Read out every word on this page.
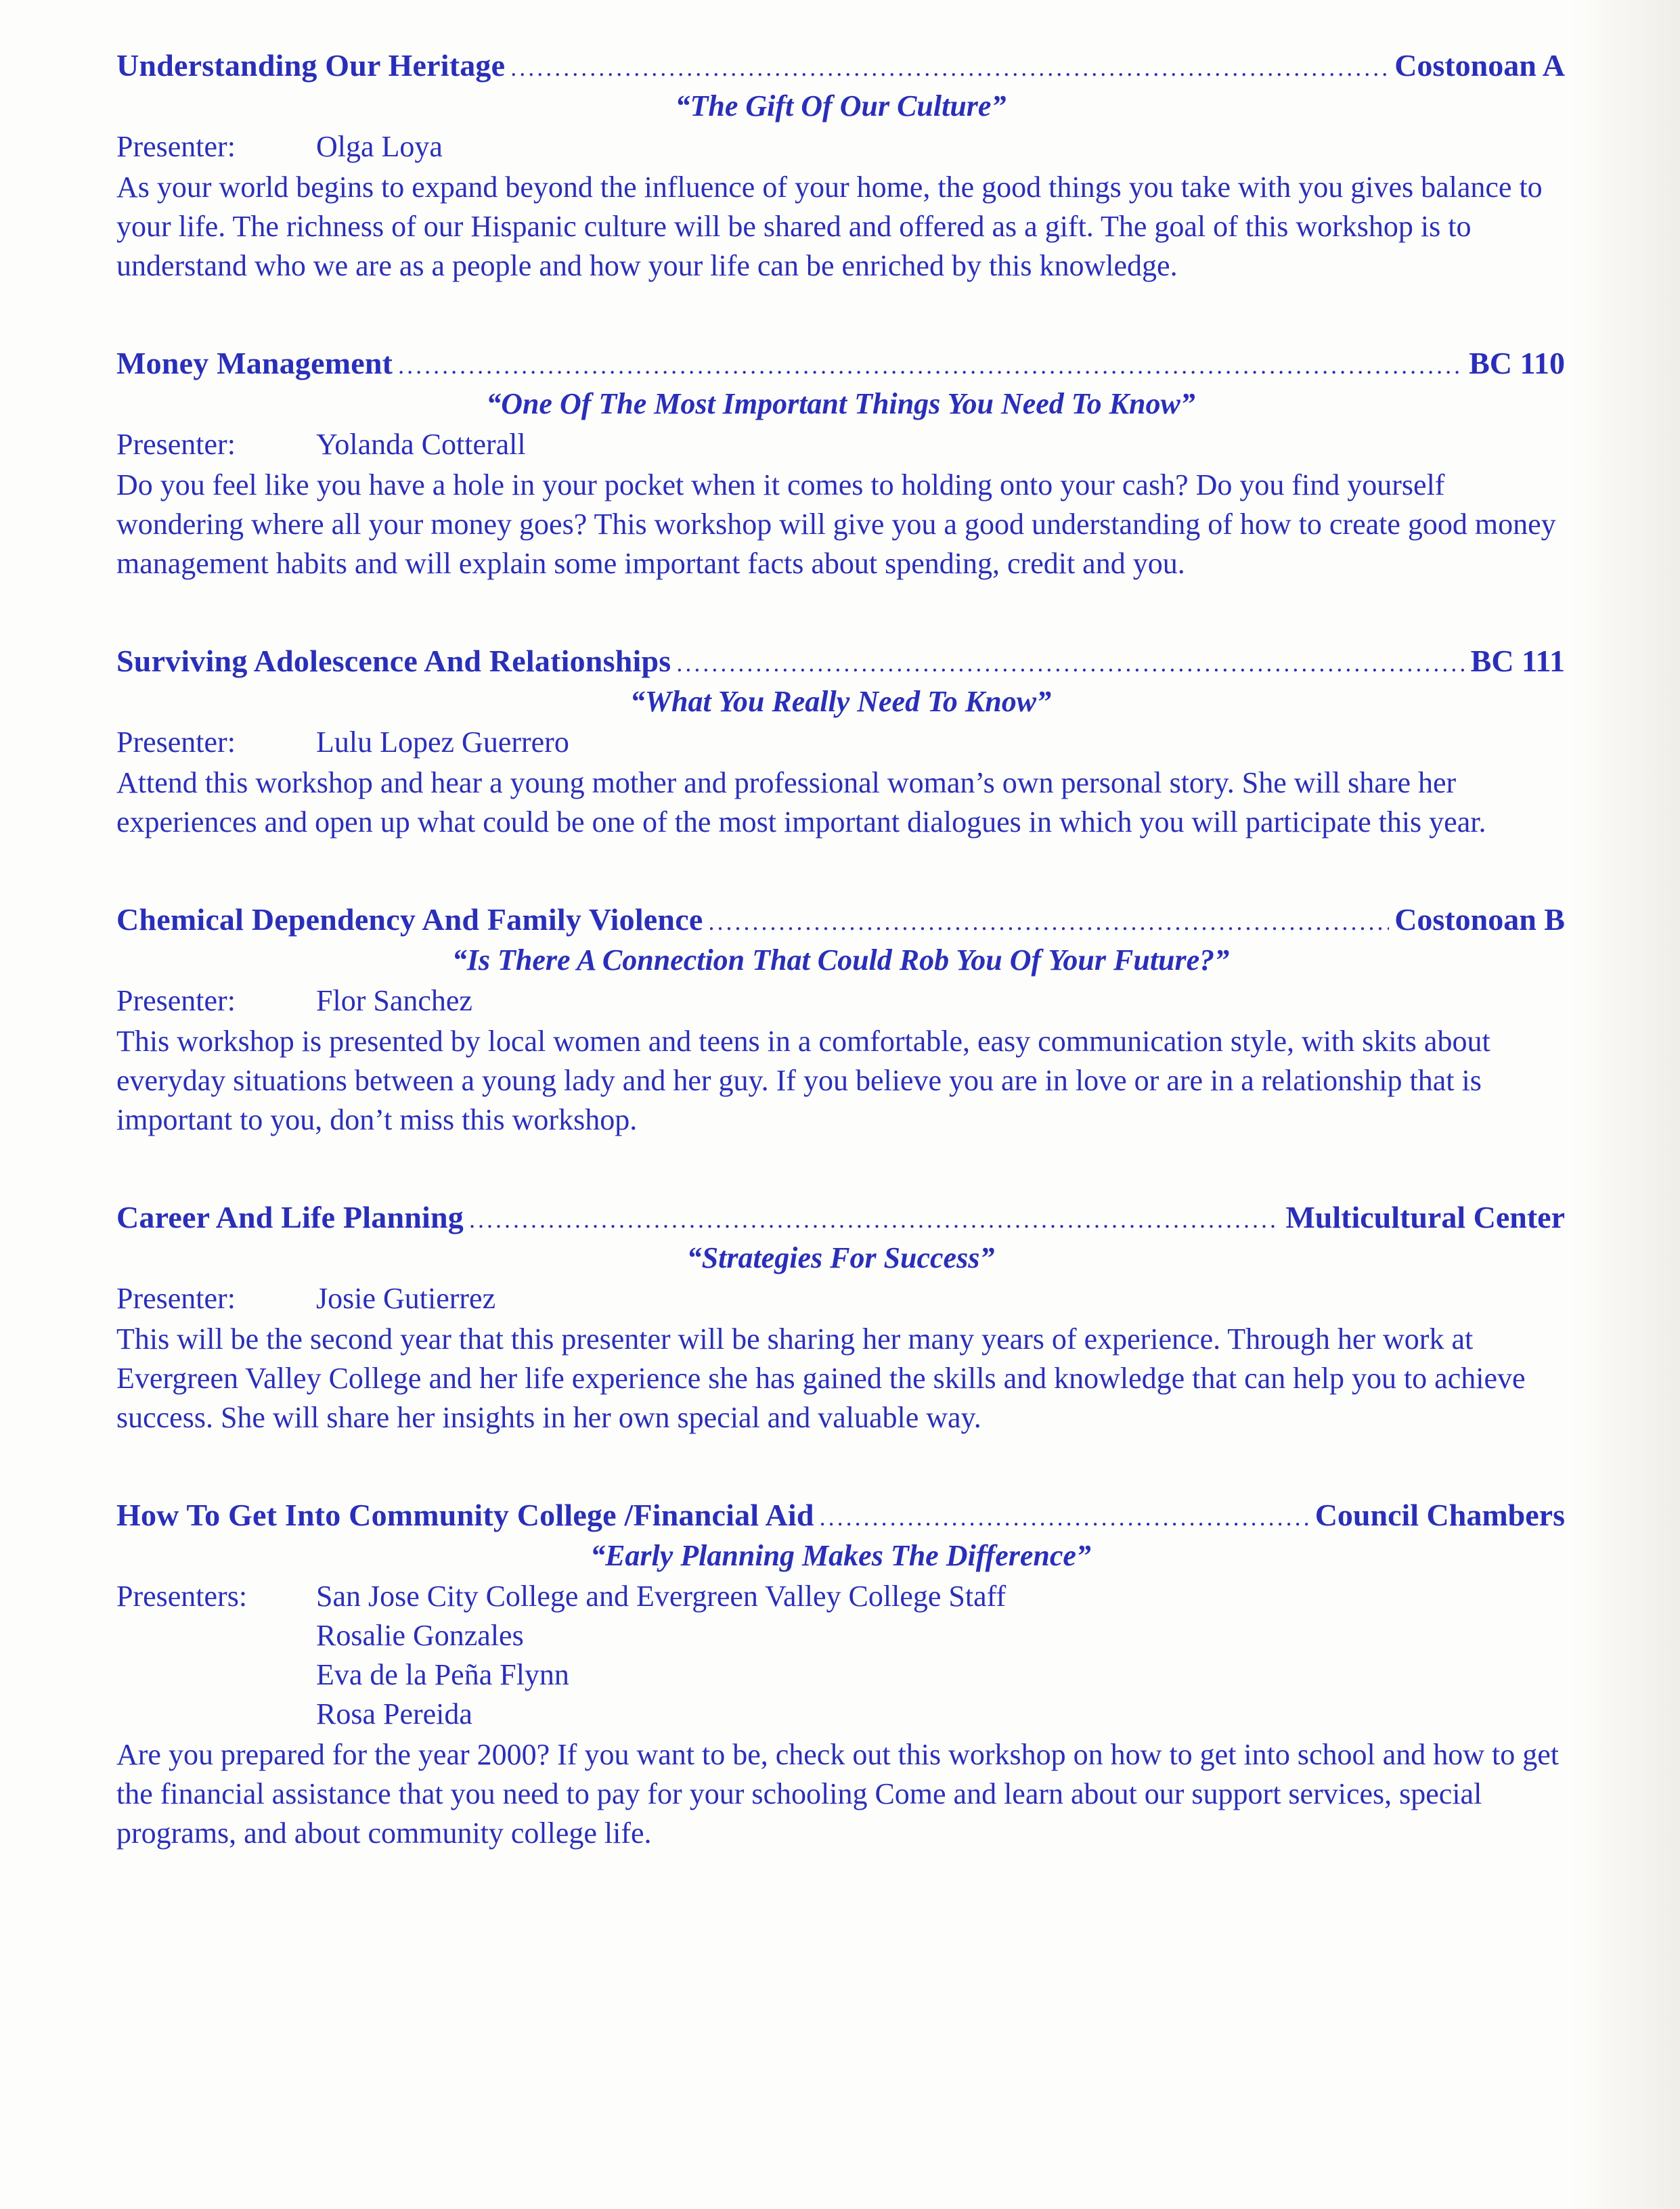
Understanding Our Heritage .....	Costonoan A
“The Gift Of Our Culture”
Presenter:	Olga Loya
As your world begins to expand beyond the influence of your home, the good things you take with you gives balance to your life. The richness of our Hispanic culture will be shared and offered as a gift. The goal of this workshop is to understand who we are as a people and how your life can be enriched by this knowledge.
Money Management .....	BC 110
“One Of The Most Important Things You Need To Know”
Presenter:	Yolanda Cotterall
Do you feel like you have a hole in your pocket when it comes to holding onto your cash? Do you find yourself wondering where all your money goes? This workshop will give you a good understanding of how to create good money management habits and will explain some important facts about spending, credit and you.
Surviving Adolescence And Relationships .....	BC 111
“What You Really Need To Know”
Presenter:	Lulu Lopez Guerrero
Attend this workshop and hear a young mother and professional woman’s own personal story. She will share her experiences and open up what could be one of the most important dialogues in which you will participate this year.
Chemical Dependency And Family Violence .....	Costonoan B
“Is There A Connection That Could Rob You Of Your Future?”
Presenter:	Flor Sanchez
This workshop is presented by local women and teens in a comfortable, easy communication style, with skits about everyday situations between a young lady and her guy. If you believe you are in love or are in a relationship that is important to you, don’t miss this workshop.
Career And Life Planning .....	Multicultural Center
“Strategies For Success”
Presenter:	Josie Gutierrez
This will be the second year that this presenter will be sharing her many years of experience. Through her work at Evergreen Valley College and her life experience she has gained the skills and knowledge that can help you to achieve success. She will share her insights in her own special and valuable way.
How To Get Into Community College /Financial Aid .....	Council Chambers
“Early Planning Makes The Difference”
Presenters:	San Jose City College and Evergreen Valley College Staff
Rosalie Gonzales
Eva de la Peña Flynn
Rosa Pereida
Are you prepared for the year 2000? If you want to be, check out this workshop on how to get into school and how to get the financial assistance that you need to pay for your schooling Come and learn about our support services, special programs, and about community college life.
